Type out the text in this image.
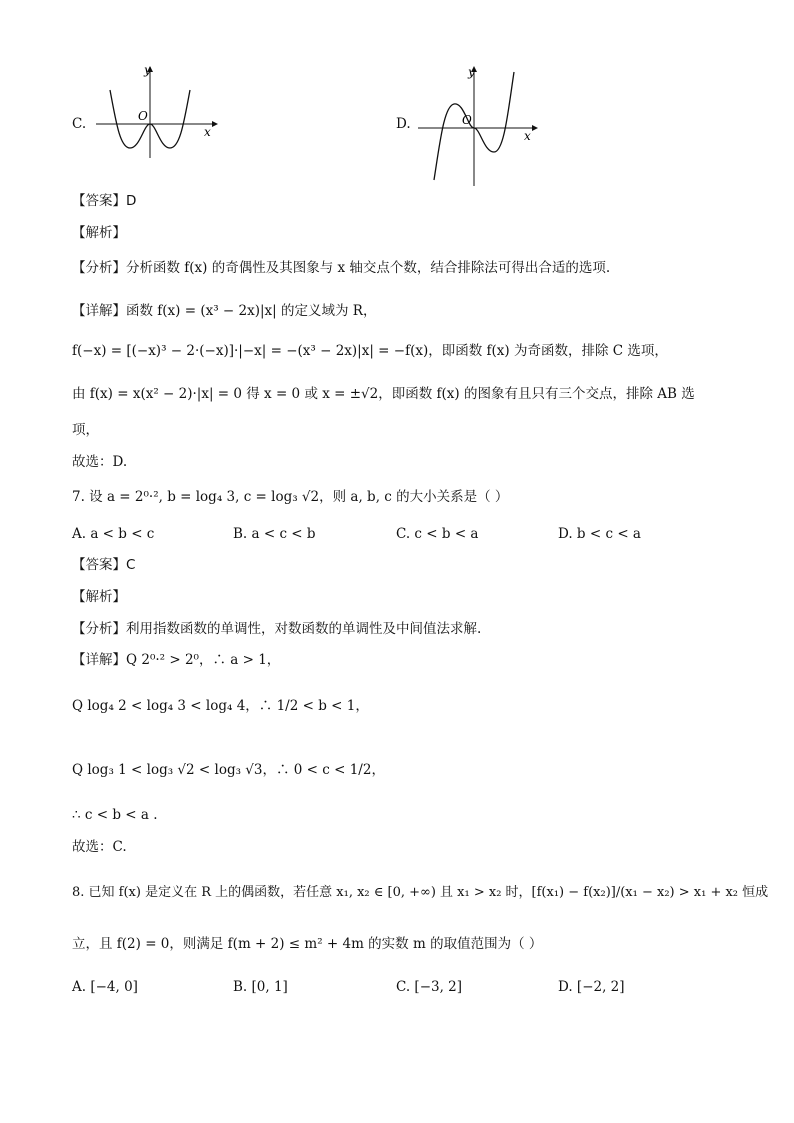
C.
y
x
O	D.
y
x
O
【答案】D
【解析】
【分析】分析函数 f(x) 的奇偶性及其图象与 x 轴交点个数，结合排除法可得出合适的选项.
【详解】函数 f(x) = (x³ − 2x)|x| 的定义域为 R，
f(−x) = [(−x)³ − 2·(−x)]·|−x| = −(x³ − 2x)|x| = −f(x)，即函数 f(x) 为奇函数，排除 C 选项，
由 f(x) = x(x² − 2)·|x| = 0 得 x = 0 或 x = ±√2，即函数 f(x) 的图象有且只有三个交点，排除 AB 选
项，
故选：D.
7. 设 a = 2⁰·², b = log₄ 3, c = log₃ √2，则 a, b, c 的大小关系是（ ）
A. a < b < c	B. a < c < b	C. c < b < a	D. b < c < a
【答案】C
【解析】
【分析】利用指数函数的单调性，对数函数的单调性及中间值法求解.
【详解】Q 2⁰·² > 2⁰，∴ a > 1，
Q log₄ 2 < log₄ 3 < log₄ 4，∴ 1/2 < b < 1，
Q log₃ 1 < log₃ √2 < log₃ √3，∴ 0 < c < 1/2，
∴ c < b < a .
故选：C.
8. 已知 f(x) 是定义在 R 上的偶函数，若任意 x₁, x₂ ∈ [0, +∞) 且 x₁ > x₂ 时，[f(x₁) − f(x₂)]/(x₁ − x₂) > x₁ + x₂ 恒成
立，且 f(2) = 0，则满足 f(m + 2) ≤ m² + 4m 的实数 m 的取值范围为（ ）
A. [−4, 0]	B. [0, 1]	C. [−3, 2]	D. [−2, 2]
